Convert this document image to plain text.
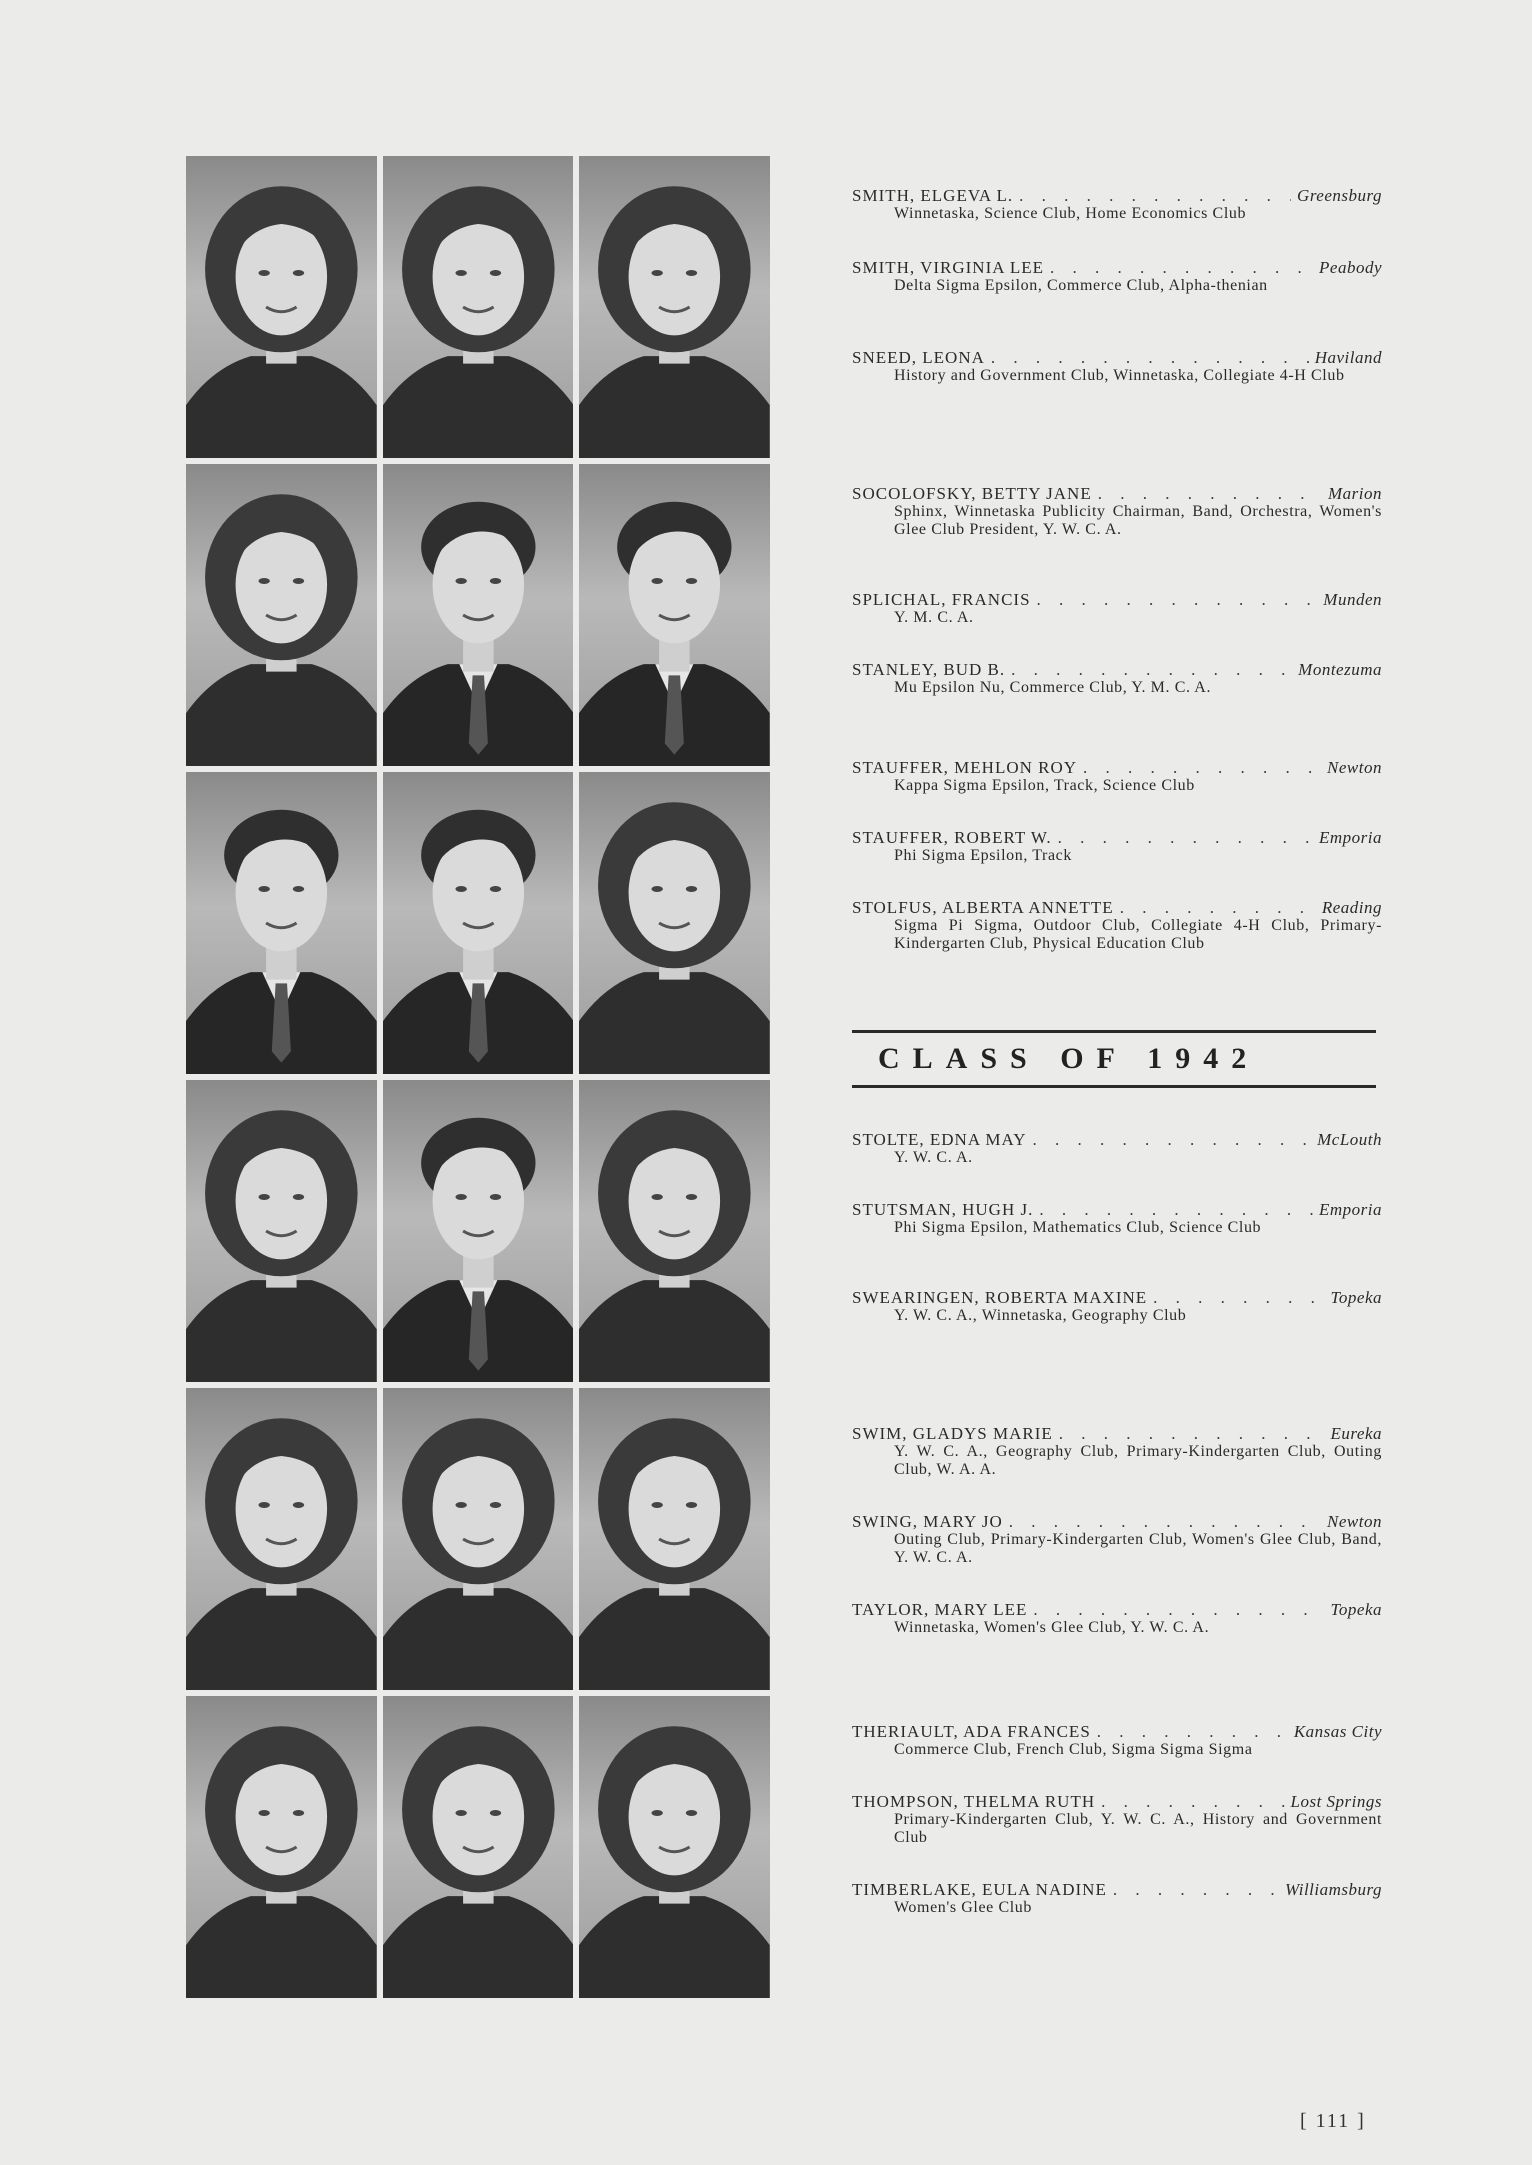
SMITH, ELGEVA L. . . .	Greensburg
Winnetaska, Science Club, Home Economics Club
SMITH, VIRGINIA LEE . . .	Peabody
Delta Sigma Epsilon, Commerce Club, Alpha-thenian
SNEED, LEONA . . .	Haviland
History and Government Club, Winnetaska, Collegiate 4-H Club
SOCOLOFSKY, BETTY JANE . . .	Marion
Sphinx, Winnetaska Publicity Chairman, Band, Orchestra, Women's Glee Club President, Y. W. C. A.
SPLICHAL, FRANCIS . . .	Munden
Y. M. C. A.
STANLEY, BUD B. . . .	Montezuma
Mu Epsilon Nu, Commerce Club, Y. M. C. A.
STAUFFER, MEHLON ROY . . .	Newton
Kappa Sigma Epsilon, Track, Science Club
STAUFFER, ROBERT W. . . .	Emporia
Phi Sigma Epsilon, Track
STOLFUS, ALBERTA ANNETTE . . .	Reading
Sigma Pi Sigma, Outdoor Club, Collegiate 4-H Club, Primary-Kindergarten Club, Physical Education Club
STOLTE, EDNA MAY . . .	McLouth
Y. W. C. A.
STUTSMAN, HUGH J. . . .	Emporia
Phi Sigma Epsilon, Mathematics Club, Science Club
SWEARINGEN, ROBERTA MAXINE . . .	Topeka
Y. W. C. A., Winnetaska, Geography Club
SWIM, GLADYS MARIE . . .	Eureka
Y. W. C. A., Geography Club, Primary-Kindergarten Club, Outing Club, W. A. A.
SWING, MARY JO . . .	Newton
Outing Club, Primary-Kindergarten Club, Women's Glee Club, Band, Y. W. C. A.
TAYLOR, MARY LEE . . .	Topeka
Winnetaska, Women's Glee Club, Y. W. C. A.
THERIAULT, ADA FRANCES . . .	Kansas City
Commerce Club, French Club, Sigma Sigma Sigma
THOMPSON, THELMA RUTH . . .	Lost Springs
Primary-Kindergarten Club, Y. W. C. A., History and Government Club
TIMBERLAKE, EULA NADINE . . .	Williamsburg
Women's Glee Club
CLASS OF 1942
[ 111 ]
